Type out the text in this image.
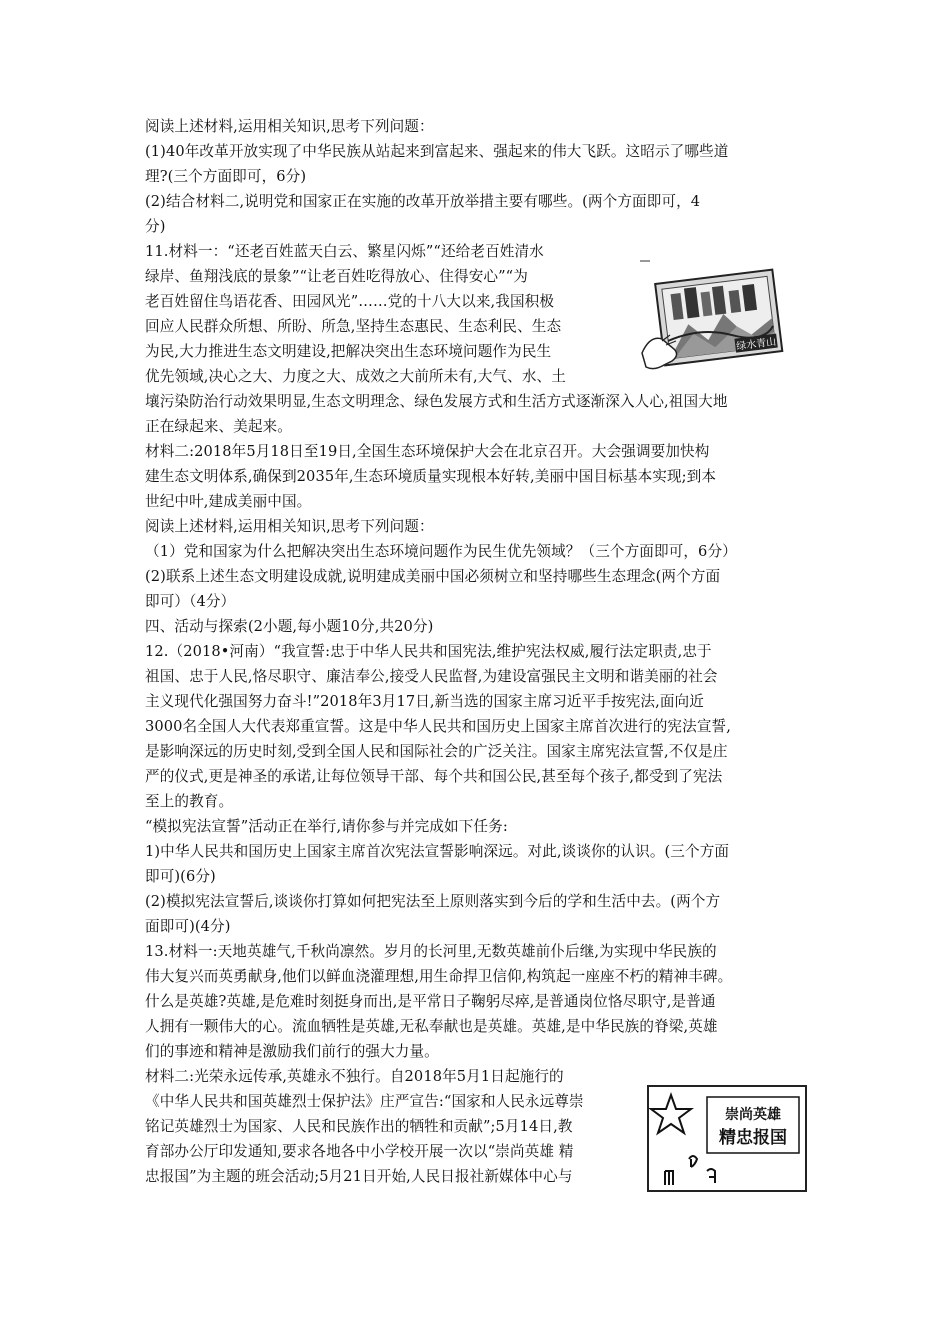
阅读上述材料,运用相关知识,思考下列问题：
(1)40年改革开放实现了中华民族从站起来到富起来、强起来的伟大飞跃。这昭示了哪些道
理?(三个方面即可，6分)
(2)结合材料二,说明党和国家正在实施的改革开放举措主要有哪些。(两个方面即可，4
分)
11.材料一：“还老百姓蓝天白云、繁星闪烁”“还给老百姓清水
绿岸、鱼翔浅底的景象”“让老百姓吃得放心、住得安心”“为
老百姓留住鸟语花香、田园风光”……党的十八大以来,我国积极
回应人民群众所想、所盼、所急,坚持生态惠民、生态利民、生态
为民,大力推进生态文明建设,把解决突出生态环境问题作为民生
优先领域,决心之大、力度之大、成效之大前所未有,大气、水、土
壤污染防治行动效果明显,生态文明理念、绿色发展方式和生活方式逐渐深入人心,祖国大地
正在绿起来、美起来。
材料二:2018年5月18日至19日,全国生态环境保护大会在北京召开。大会强调要加快构
建生态文明体系,确保到2035年,生态环境质量实现根本好转,美丽中国目标基本实现;到本
世纪中叶,建成美丽中国。
阅读上述材料,运用相关知识,思考下列问题：
（1）党和国家为什么把解决突出生态环境问题作为民生优先领域？（三个方面即可，6分）
(2)联系上述生态文明建设成就,说明建成美丽中国必须树立和坚持哪些生态理念(两个方面
即可）（4分）
四、活动与探索(2小题,每小题10分,共20分)
12.（2018•河南）“我宣誓:忠于中华人民共和国宪法,维护宪法权威,履行法定职责,忠于
祖国、忠于人民,恪尽职守、廉洁奉公,接受人民监督,为建设富强民主文明和谐美丽的社会
主义现代化强国努力奋斗!”2018年3月17日,新当选的国家主席习近平手按宪法,面向近
3000名全国人大代表郑重宣誓。这是中华人民共和国历史上国家主席首次进行的宪法宣誓,
是影响深远的历史时刻,受到全国人民和国际社会的广泛关注。国家主席宪法宣誓,不仅是庄
严的仪式,更是神圣的承诺,让每位领导干部、每个共和国公民,甚至每个孩子,都受到了宪法
至上的教育。
“模拟宪法宣誓”活动正在举行,请你参与并完成如下任务:
1)中华人民共和国历史上国家主席首次宪法宣誓影响深远。对此,谈谈你的认识。(三个方面
即可)(6分)
(2)模拟宪法宣誓后,谈谈你打算如何把宪法至上原则落实到今后的学和生活中去。(两个方
面即可)(4分)
13.材料一:天地英雄气,千秋尚凛然。岁月的长河里,无数英雄前仆后继,为实现中华民族的
伟大复兴而英勇献身,他们以鲜血浇灌理想,用生命捍卫信仰,构筑起一座座不朽的精神丰碑。
什么是英雄?英雄,是危难时刻挺身而出,是平常日子鞠躬尽瘁,是普通岗位恪尽职守,是普通
人拥有一颗伟大的心。流血牺牲是英雄,无私奉献也是英雄。英雄,是中华民族的脊梁,英雄
们的事迹和精神是激励我们前行的强大力量。
材料二:光荣永远传承,英雄永不独行。自2018年5月1日起施行的
《中华人民共和国英雄烈士保护法》庄严宣告:“国家和人民永远尊崇
铭记英雄烈士为国家、人民和民族作出的牺牲和贡献”;5月14日,教
育部办公厅印发通知,要求各地各中小学校开展一次以“崇尚英雄 精
忠报国”为主题的班会活动;5月21日开始,人民日报社新媒体中心与
绿水青山
崇尚英雄
精忠报国
